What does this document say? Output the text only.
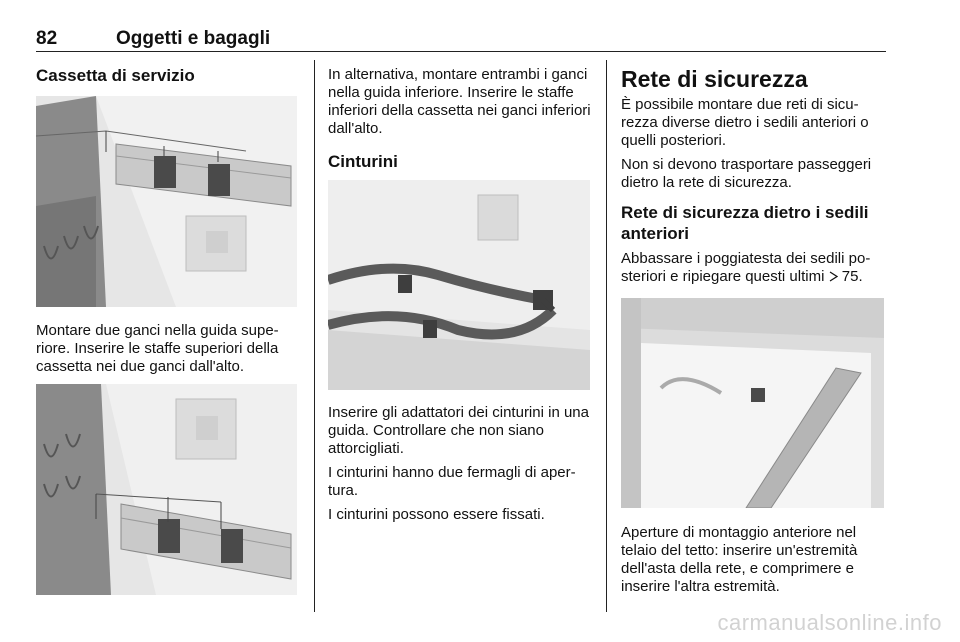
82	Oggetti e bagagli
Cassetta di servizio

Montare due ganci nella guida superiore. Inserire le staffe superiori della cassetta nei due ganci dall'alto.

In alternativa, montare entrambi i ganci nella guida inferiore. Inserire le staffe inferiori della cassetta nei ganci inferiori dall'alto.

Cinturini

Inserire gli adattatori dei cinturini in una guida. Controllare che non siano attorcigliati.

I cinturini hanno due fermagli di apertura.

I cinturini possono essere fissati.

Rete di sicurezza

È possibile montare due reti di sicurezza diverse dietro i sedili anteriori o quelli posteriori.

Non si devono trasportare passeggeri dietro la rete di sicurezza.

Rete di sicurezza dietro i sedili anteriori

Abbassare i poggiatesta dei sedili posteriori e ripiegare questi ultimi  75.

Aperture di montaggio anteriore nel telaio del tetto: inserire un'estremità dell'asta della rete, e comprimere e inserire l'altra estremità.

carmanualsonline.info
